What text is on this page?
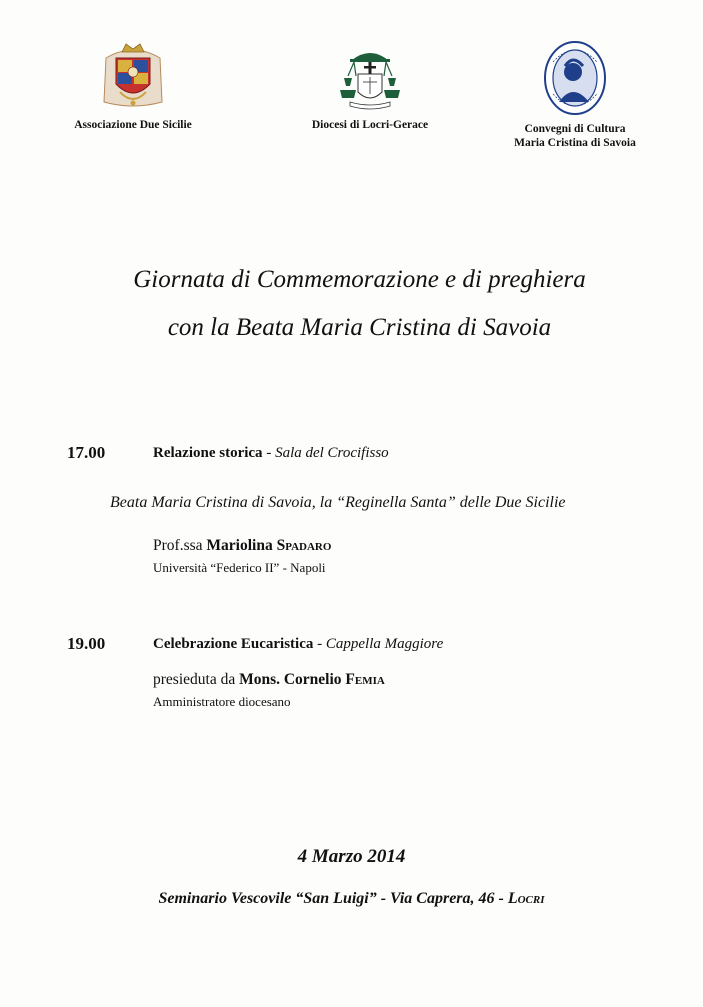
Associazione Due Sicilie	Diocesi di Locri-Gerace	Convegni di Cultura
Maria Cristina di Savoia
Giornata di Commemorazione e di preghiera
con la Beata Maria Cristina di Savoia
17.00	Relazione storica - Sala del Crocifisso
Beata Maria Cristina di Savoia, la “Reginella Santa” delle Due Sicilie
Prof.ssa Mariolina Spadaro
Università “Federico II” - Napoli
19.00	Celebrazione Eucaristica - Cappella Maggiore
presieduta da Mons. Cornelio Femia
Amministratore diocesano
4 Marzo 2014
Seminario Vescovile “San Luigi” - Via Caprera, 46 - Locri
